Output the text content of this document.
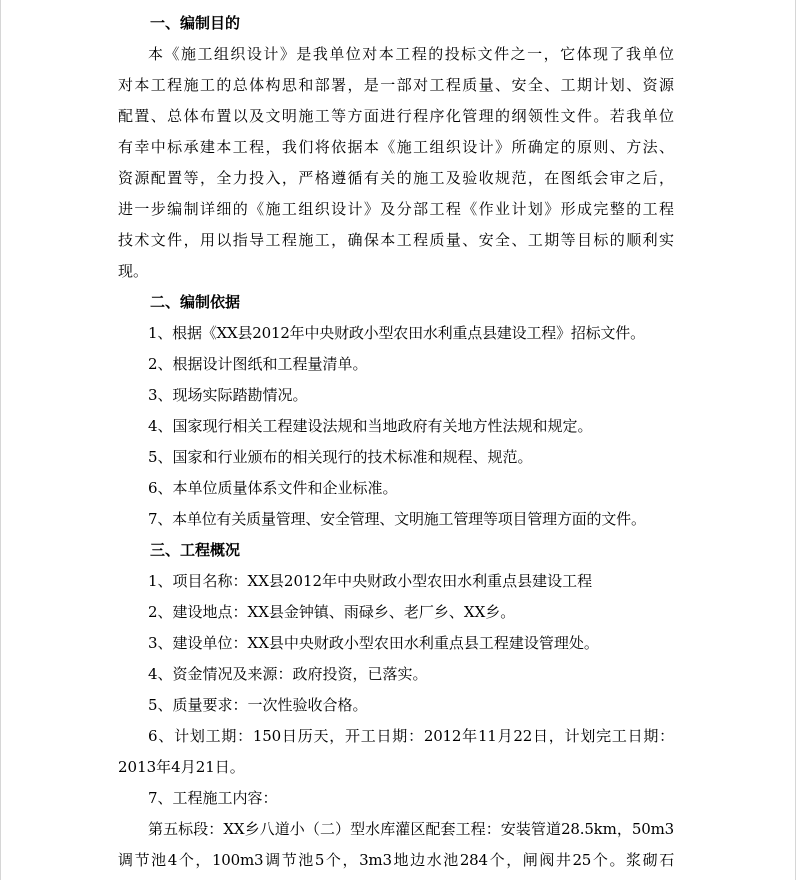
一、编制目的

本《施工组织设计》是我单位对本工程的投标文件之一，它体现了我单位

对本工程施工的总体构思和部署，是一部对工程质量、安全、工期计划、资源

配置、总体布置以及文明施工等方面进行程序化管理的纲领性文件。若我单位

有幸中标承建本工程，我们将依据本《施工组织设计》所确定的原则、方法、

资源配置等，全力投入，严格遵循有关的施工及验收规范，在图纸会审之后，

进一步编制详细的《施工组织设计》及分部工程《作业计划》形成完整的工程

技术文件，用以指导工程施工，确保本工程质量、安全、工期等目标的顺利实

现。

二、编制依据

1、根据《XX县2012年中央财政小型农田水利重点县建设工程》招标文件。

2、根据设计图纸和工程量清单。

3、现场实际踏勘情况。

4、国家现行相关工程建设法规和当地政府有关地方性法规和规定。

5、国家和行业颁布的相关现行的技术标准和规程、规范。

6、本单位质量体系文件和企业标准。

7、本单位有关质量管理、安全管理、文明施工管理等项目管理方面的文件。

三、工程概况

1、项目名称：XX县2012年中央财政小型农田水利重点县建设工程

2、建设地点：XX县金钟镇、雨碌乡、老厂乡、XX乡。

3、建设单位：XX县中央财政小型农田水利重点县工程建设管理处。

4、资金情况及来源：政府投资，已落实。

5、质量要求：一次性验收合格。

6、计划工期：150日历天，开工日期：2012年11月22日，计划完工日期：

2013年4月21日。

7、工程施工内容：

第五标段：XX乡八道小（二）型水库灌区配套工程：安装管道28.5km，50m3

调节池4个，100m3调节池5个，3m3地边水池284个，闸阀井25个。浆砌石
